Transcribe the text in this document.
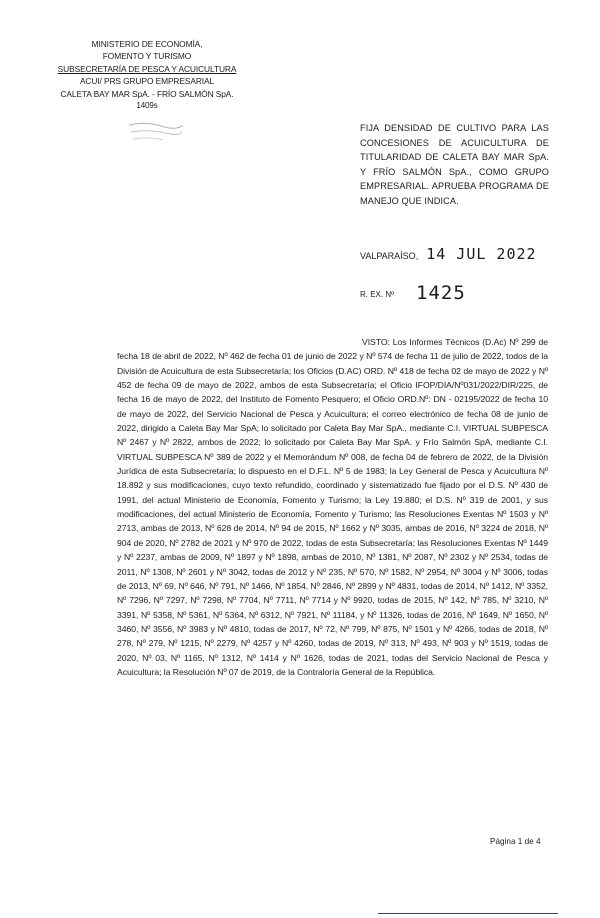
MINISTERIO DE ECONOMÍA,
FOMENTO Y TURISMO
SUBSECRETARÍA DE PESCA Y ACUICULTURA
ACUI/ PRS GRUPO EMPRESARIAL
CALETA BAY MAR SpA. - FRÍO SALMÓN SpA.
1409s
FIJA DENSIDAD DE CULTIVO PARA LAS CONCESIONES DE ACUICULTURA DE TITULARIDAD DE CALETA BAY MAR SpA. Y FRÍO SALMÓN SpA., COMO GRUPO EMPRESARIAL. APRUEBA PROGRAMA DE MANEJO QUE INDICA.
VALPARAÍSO, 14 JUL 2022
R. EX. Nº 1425
VISTO: Los Informes Técnicos (D.Ac) Nº 299 de fecha 18 de abril de 2022, Nº 462 de fecha 01 de junio de 2022 y Nº 574 de fecha 11 de julio de 2022, todos de la División de Acuicultura de esta Subsecretaría; los Oficios (D.AC) ORD. Nº 418 de fecha 02 de mayo de 2022 y Nº 452 de fecha 09 de mayo de 2022, ambos de esta Subsecretaría; el Oficio IFOP/DIA/Nº031/2022/DIR/225, de fecha 16 de mayo de 2022, del Instituto de Fomento Pesquero; el Oficio ORD.Nº: DN - 02195/2022 de fecha 10 de mayo de 2022, del Servicio Nacional de Pesca y Acuicultura; el correo electrónico de fecha 08 de junio de 2022, dirigido a Caleta Bay Mar SpA; lo solicitado por Caleta Bay Mar SpA., mediante C.I. VIRTUAL SUBPESCA Nº 2467 y Nº 2822, ambos de 2022; lo solicitado por Caleta Bay Mar SpA. y Frío Salmón SpA, mediante C.I. VIRTUAL SUBPESCA Nº 389 de 2022 y el Memorándum Nº 008, de fecha 04 de febrero de 2022, de la División Jurídica de esta Subsecretaría; lo dispuesto en el D.F.L. Nº 5 de 1983; la Ley General de Pesca y Acuicultura Nº 18.892 y sus modificaciones, cuyo texto refundido, coordinado y sistematizado fue fijado por el D.S. Nº 430 de 1991, del actual Ministerio de Economía, Fomento y Turismo; la Ley 19.880; el D.S. Nº 319 de 2001, y sus modificaciones, del actual Ministerio de Economía, Fomento y Turismo; las Resoluciones Exentas Nº 1503 y Nº 2713, ambas de 2013, Nº 628 de 2014, Nº 94 de 2015, Nº 1662 y Nº 3035, ambas de 2016, Nº 3224 de 2018, Nº 904 de 2020, Nº 2782 de 2021 y Nº 970 de 2022, todas de esta Subsecretaría; las Resoluciones Exentas Nº 1449 y Nº 2237, ambas de 2009, Nº 1897 y Nº 1898, ambas de 2010, Nº 1381, Nº 2087, Nº 2302 y Nº 2534, todas de 2011, Nº 1308, Nº 2601 y Nº 3042, todas de 2012 y Nº 235, Nº 570, Nº 1582, Nº 2954, Nº 3004 y Nº 3006, todas de 2013, Nº 69, Nº 646, Nº 791, Nº 1466, Nº 1854, Nº 2846, Nº 2899 y Nº 4831, todas de 2014, Nº 1412, Nº 3352, Nº 7296, Nº 7297, Nº 7298, Nº 7704, Nº 7711, Nº 7714 y Nº 9920, todas de 2015, Nº 142, Nº 785, Nº 3210, Nº 3391, Nº 5358, Nº 5361, Nº 5364, Nº 6312, Nº 7921, Nº 11184, y Nº 11326, todas de 2016, Nº 1649, Nº 1650, Nº 3460, Nº 3556, Nº 3983 y Nº 4810, todas de 2017, Nº 72, Nº 799, Nº 875, Nº 1501 y Nº 4266, todas de 2018, Nº 278, Nº 279, Nº 1215, Nº 2279, Nº 4257 y Nº 4260, todas de 2019, Nº 313, Nº 493, Nº 903 y Nº 1519, todas de 2020, Nº 03, Nº 1165, Nº 1312, Nº 1414 y Nº 1626, todas de 2021, todas del Servicio Nacional de Pesca y Acuicultura; la Resolución Nº 07 de 2019, de la Contraloría General de la República.
Página 1 de 4
